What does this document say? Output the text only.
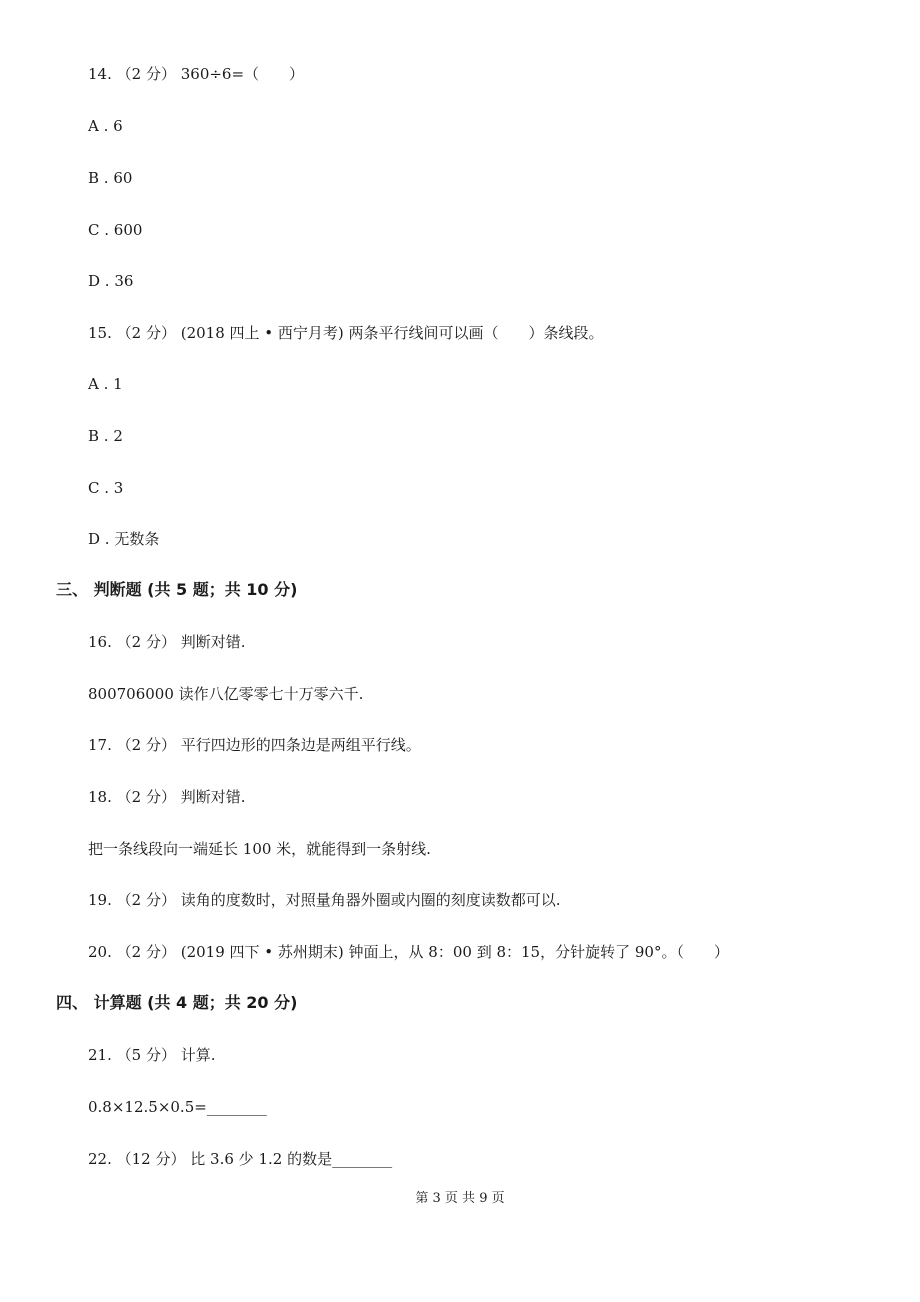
14. （2 分） 360÷6=（　　）
A . 6
B . 60
C . 600
D . 36
15. （2 分） (2018 四上 • 西宁月考) 两条平行线间可以画（　　）条线段。
A . 1
B . 2
C . 3
D . 无数条
三、 判断题 (共 5 题；共 10 分)
16. （2 分） 判断对错.
800706000 读作八亿零零七十万零六千.
17. （2 分） 平行四边形的四条边是两组平行线。
18. （2 分） 判断对错.
把一条线段向一端延长 100 米，就能得到一条射线.
19. （2 分） 读角的度数时，对照量角器外圈或内圈的刻度读数都可以.
20. （2 分） (2019 四下 • 苏州期末) 钟面上，从 8：00 到 8：15，分针旋转了 90°。（　　）
四、 计算题 (共 4 题；共 20 分)
21. （5 分） 计算.
0.8×12.5×0.5=________
22. （12 分） 比 3.6 少 1.2 的数是________
第 3 页 共 9 页
